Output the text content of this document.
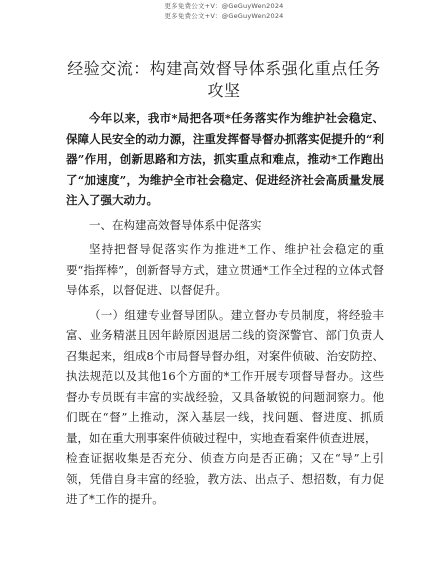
更多免费公文+V：@GeGuyWen2024
更多免费公文+V：@GeGuyWen2024
经验交流：构建高效督导体系强化重点任务攻坚

今年以来，我市*局把各项*任务落实作为维护社会稳定、保障人民安全的动力源，注重发挥督导督办抓落实促提升的“利器”作用，创新思路和方法，抓实重点和难点，推动*工作跑出了“加速度”，为维护全市社会稳定、促进经济社会高质量发展注入了强大动力。

一、在构建高效督导体系中促落实

坚持把督导促落实作为推进*工作、维护社会稳定的重要“指挥棒”，创新督导方式，建立贯通*工作全过程的立体式督导体系，以督促进、以督促升。

（一）组建专业督导团队。建立督办专员制度，将经验丰富、业务精湛且因年龄原因退居二线的资深警官、部门负责人召集起来，组成8个市局督导督办组，对案件侦破、治安防控、执法规范以及其他16个方面的*工作开展专项督导督办。这些督办专员既有丰富的实战经验，又具备敏锐的问题洞察力。他们既在“督”上推动，深入基层一线，找问题、督进度、抓质量，如在重大刑事案件侦破过程中，实地查看案件侦查进展，

检查证据收集是否充分、侦查方向是否正确；又在“导”上引领，凭借自身丰富的经验，教方法、出点子、想招数，有力促进了*工作的提升。
